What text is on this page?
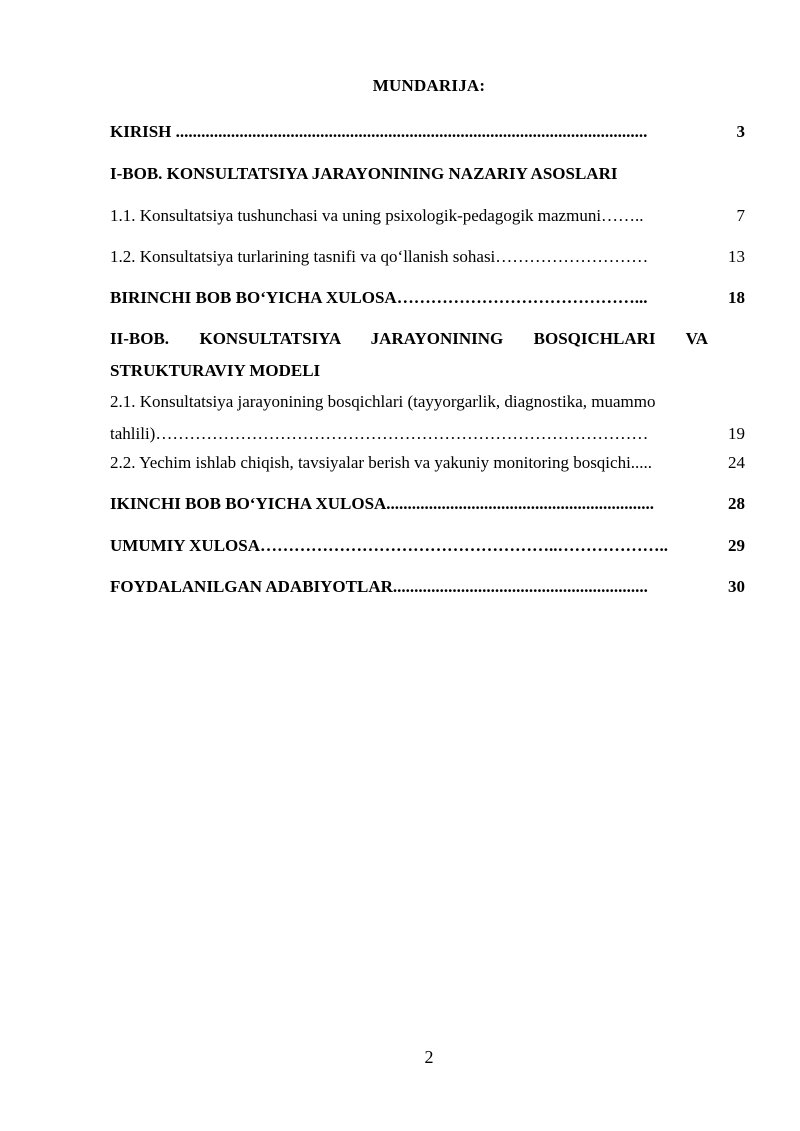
MUNDARIJA:
KIRISH ...............................................................................................................	3
I-BOB. KONSULTATSIYA JARAYONINING NAZARIY ASOSLARI
1.1. Konsultatsiya tushunchasi va uning psixologik-pedagogik mazmuni……..	7
1.2. Konsultatsiya turlarining tasnifi va qo‘llanish sohasi………………………	13
BIRINCHI BOB BO‘YICHA XULOSA……………………………………...	18
II-BOB. KONSULTATSIYA JARAYONINING BOSQICHLARI VA
STRUKTURAVIY MODELI
2.1. Konsultatsiya jarayonining bosqichlari (tayyorgarlik, diagnostika, muammo
tahlili)……………………………………………………………………………	19
2.2. Yechim ishlab chiqish, tavsiyalar berish va yakuniy monitoring bosqichi.....	24
IKINCHI BOB BO‘YICHA XULOSA...............................................................	28
UMUMIY XULOSA……………………………………………..………………..	29
FOYDALANILGAN ADABIYOTLAR............................................................	30
2
